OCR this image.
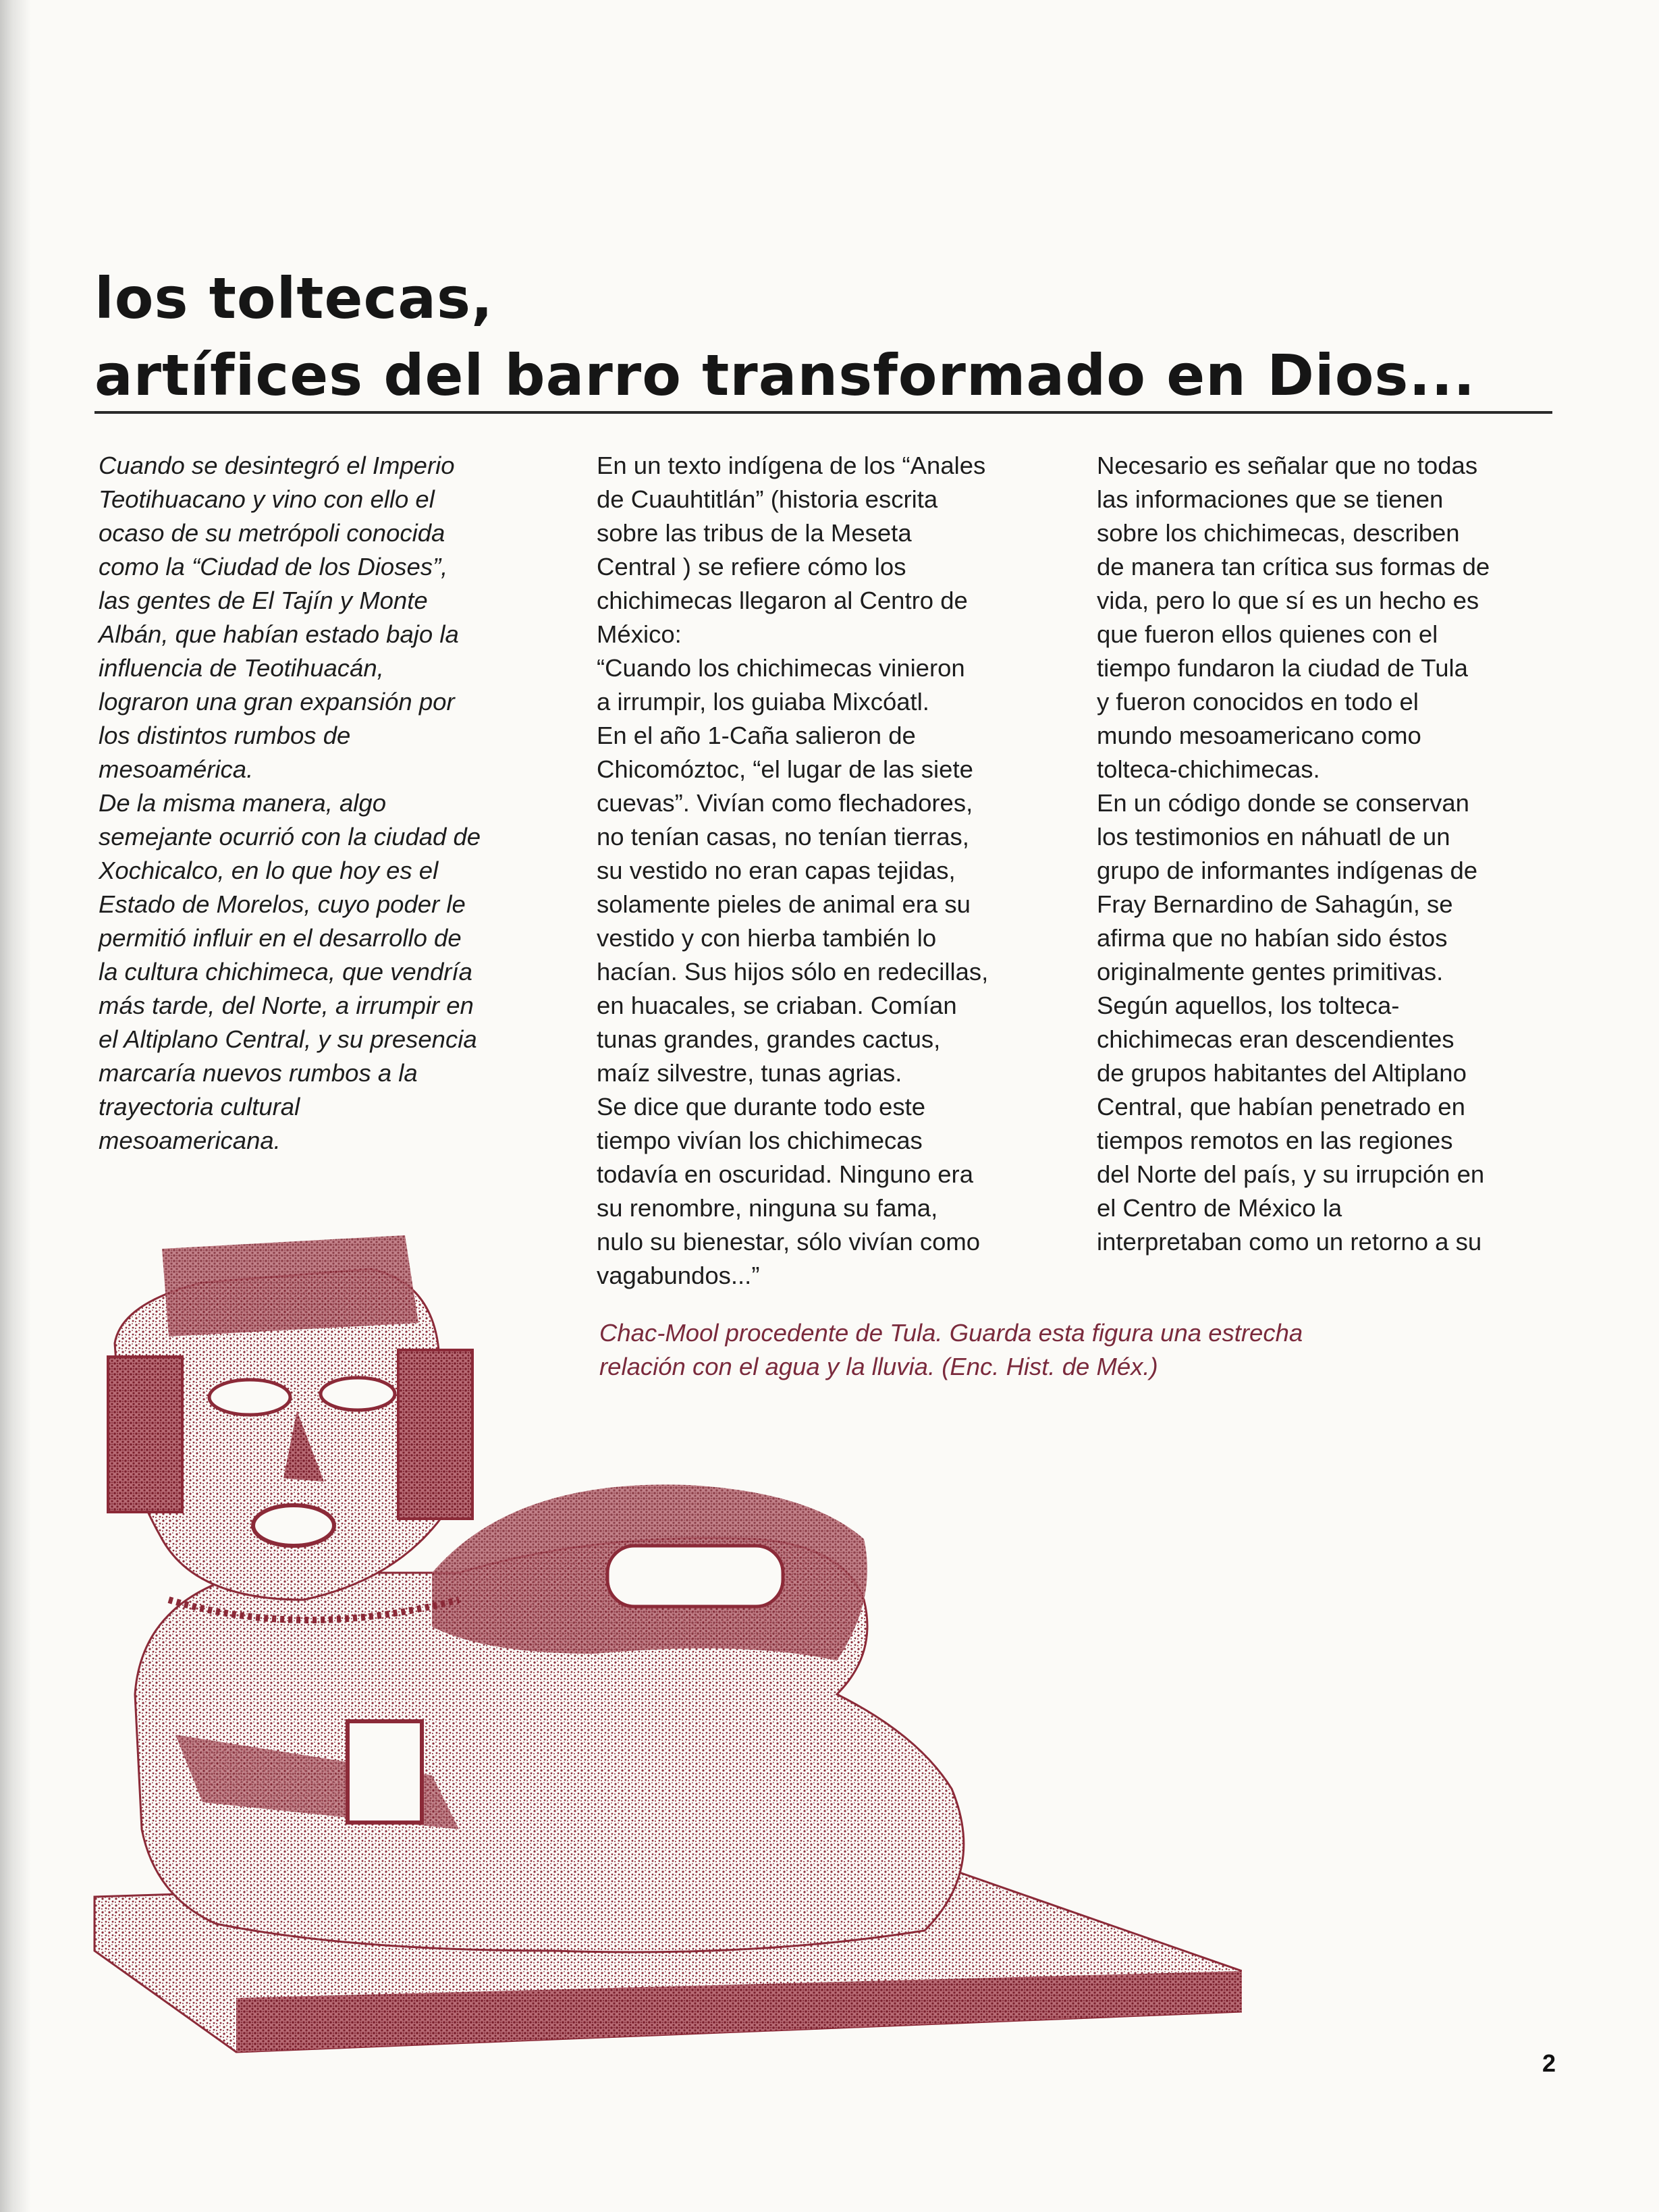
los toltecas,
artífices del barro transformado en Dios...

Cuando se desintegró el Imperio
Teotihuacano y vino con ello el
ocaso de su metrópoli conocida
como la “Ciudad de los Dioses”,
las gentes de El Tajín y Monte
Albán, que habían estado bajo la
influencia de Teotihuacán,
lograron una gran expansión por
los distintos rumbos de
mesoamérica.
De la misma manera, algo
semejante ocurrió con la ciudad de
Xochicalco, en lo que hoy es el
Estado de Morelos, cuyo poder le
permitió influir en el desarrollo de
la cultura chichimeca, que vendría
más tarde, del Norte, a irrumpir en
el Altiplano Central, y su presencia
marcaría nuevos rumbos a la
trayectoria cultural
mesoamericana.

En un texto indígena de los “Anales
de Cuauhtitlán” (historia escrita
sobre las tribus de la Meseta
Central ) se refiere cómo los
chichimecas llegaron al Centro de
México:
“Cuando los chichimecas vinieron
a irrumpir, los guiaba Mixcóatl.
En el año 1-Caña salieron de
Chicomóztoc, “el lugar de las siete
cuevas”. Vivían como flechadores,
no tenían casas, no tenían tierras,
su vestido no eran capas tejidas,
solamente pieles de animal era su
vestido y con hierba también lo
hacían. Sus hijos sólo en redecillas,
en huacales, se criaban. Comían
tunas grandes, grandes cactus,
maíz silvestre, tunas agrias.
Se dice que durante todo este
tiempo vivían los chichimecas
todavía en oscuridad. Ninguno era
su renombre, ninguna su fama,
nulo su bienestar, sólo vivían como
vagabundos...”

Necesario es señalar que no todas
las informaciones que se tienen
sobre los chichimecas, describen
de manera tan crítica sus formas de
vida, pero lo que sí es un hecho es
que fueron ellos quienes con el
tiempo fundaron la ciudad de Tula
y fueron conocidos en todo el
mundo mesoamericano como
tolteca-chichimecas.
En un código donde se conservan
los testimonios en náhuatl de un
grupo de informantes indígenas de
Fray Bernardino de Sahagún, se
afirma que no habían sido éstos
originalmente gentes primitivas.
Según aquellos, los tolteca-
chichimecas eran descendientes
de grupos habitantes del Altiplano
Central, que habían penetrado en
tiempos remotos en las regiones
del Norte del país, y su irrupción en
el Centro de México la
interpretaban como un retorno a su

Chac-Mool procedente de Tula. Guarda esta figura una estrecha
relación con el agua y la lluvia. (Enc. Hist. de Méx.)
2
